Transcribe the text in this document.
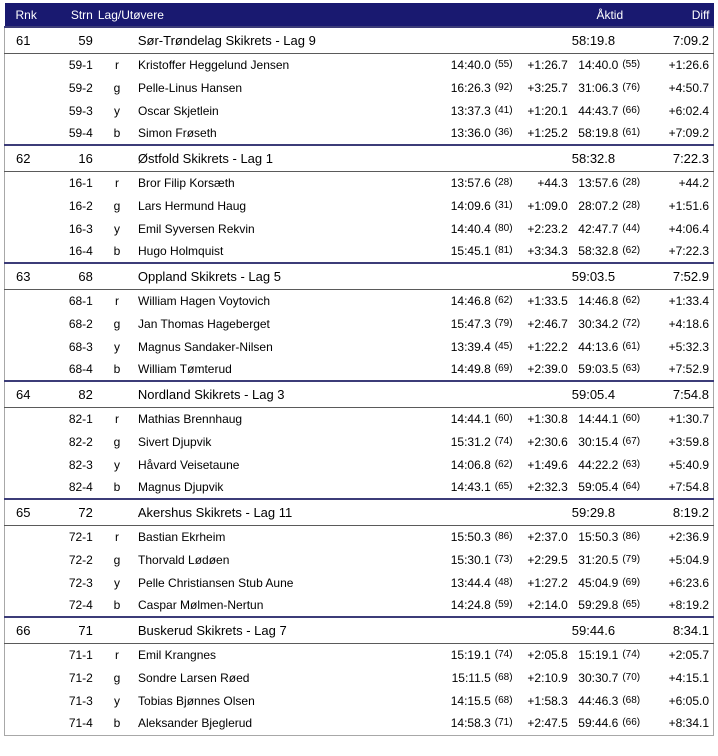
Rnk	Strn	Lag/Utøvere		Åktid			Diff
61	59	Sør-Trøndelag Skikrets - Lag 9		58:19.8			7:09.2
	59-1	r	Kristoffer Heggelund Jensen	14:40.0 $^{(55)}$	+1:26.7	14:40.0 $^{(55)}$	+1:26.6
	59-2	g	Pelle-Linus Hansen	16:26.3 $^{(92)}$	+3:25.7	31:06.3 $^{(76)}$	+4:50.7
	59-3	y	Oscar Skjetlein	13:37.3 $^{(41)}$	+1:20.1	44:43.7 $^{(66)}$	+6:02.4
	59-4	b	Simon Frøseth	13:36.0 $^{(36)}$	+1:25.2	58:19.8 $^{(61)}$	+7:09.2
62	16	Østfold Skikrets - Lag 1		58:32.8			7:22.3
	16-1	r	Bror Filip Korsæth	13:57.6 $^{(28)}$	+44.3	13:57.6 $^{(28)}$	+44.2
	16-2	g	Lars Hermund Haug	14:09.6 $^{(31)}$	+1:09.0	28:07.2 $^{(28)}$	+1:51.6
	16-3	y	Emil Syversen Rekvin	14:40.4 $^{(80)}$	+2:23.2	42:47.7 $^{(44)}$	+4:06.4
	16-4	b	Hugo Holmquist	15:45.1 $^{(81)}$	+3:34.3	58:32.8 $^{(62)}$	+7:22.3
63	68	Oppland Skikrets - Lag 5		59:03.5			7:52.9
	68-1	r	William Hagen Voytovich	14:46.8 $^{(62)}$	+1:33.5	14:46.8 $^{(62)}$	+1:33.4
	68-2	g	Jan Thomas Hageberget	15:47.3 $^{(79)}$	+2:46.7	30:34.2 $^{(72)}$	+4:18.6
	68-3	y	Magnus Sandaker-Nilsen	13:39.4 $^{(45)}$	+1:22.2	44:13.6 $^{(61)}$	+5:32.3
	68-4	b	William Tømterud	14:49.8 $^{(69)}$	+2:39.0	59:03.5 $^{(63)}$	+7:52.9
64	82	Nordland Skikrets - Lag 3		59:05.4			7:54.8
	82-1	r	Mathias Brennhaug	14:44.1 $^{(60)}$	+1:30.8	14:44.1 $^{(60)}$	+1:30.7
	82-2	g	Sivert Djupvik	15:31.2 $^{(74)}$	+2:30.6	30:15.4 $^{(67)}$	+3:59.8
	82-3	y	Håvard Veisetaune	14:06.8 $^{(62)}$	+1:49.6	44:22.2 $^{(63)}$	+5:40.9
	82-4	b	Magnus Djupvik	14:43.1 $^{(65)}$	+2:32.3	59:05.4 $^{(64)}$	+7:54.8
65	72	Akershus Skikrets - Lag 11		59:29.8			8:19.2
	72-1	r	Bastian Ekrheim	15:50.3 $^{(86)}$	+2:37.0	15:50.3 $^{(86)}$	+2:36.9
	72-2	g	Thorvald Lødøen	15:30.1 $^{(73)}$	+2:29.5	31:20.5 $^{(79)}$	+5:04.9
	72-3	y	Pelle Christiansen Stub Aune	13:44.4 $^{(48)}$	+1:27.2	45:04.9 $^{(69)}$	+6:23.6
	72-4	b	Caspar Mølmen-Nertun	14:24.8 $^{(59)}$	+2:14.0	59:29.8 $^{(65)}$	+8:19.2
66	71	Buskerud Skikrets - Lag 7		59:44.6			8:34.1
	71-1	r	Emil Krangnes	15:19.1 $^{(74)}$	+2:05.8	15:19.1 $^{(74)}$	+2:05.7
	71-2	g	Sondre Larsen Røed	15:11.5 $^{(68)}$	+2:10.9	30:30.7 $^{(70)}$	+4:15.1
	71-3	y	Tobias Bjønnes Olsen	14:15.5 $^{(68)}$	+1:58.3	44:46.3 $^{(68)}$	+6:05.0
	71-4	b	Aleksander Bjeglerud	14:58.3 $^{(71)}$	+2:47.5	59:44.6 $^{(66)}$	+8:34.1
